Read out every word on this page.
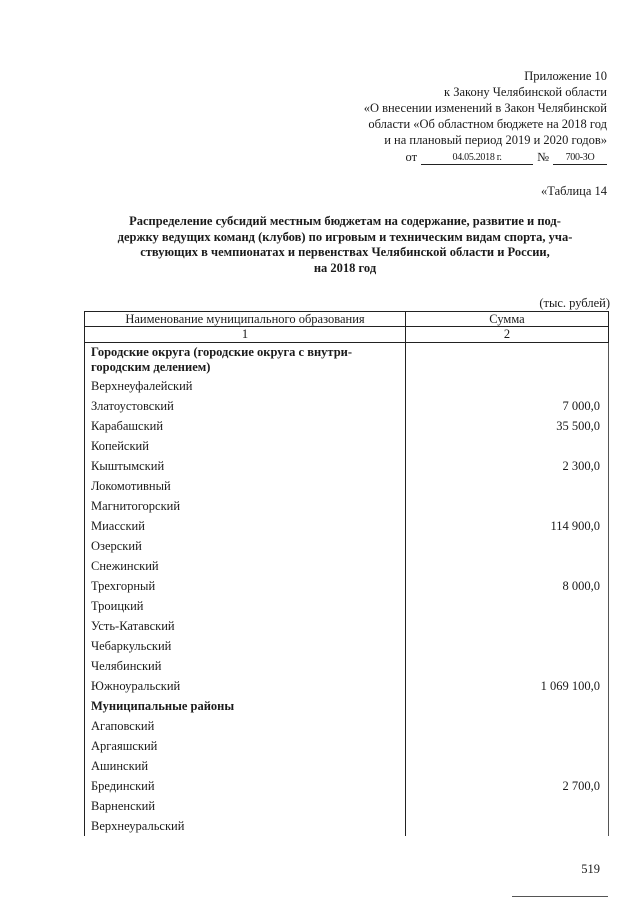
Приложение 10
к Закону Челябинской области
«О внесении изменений в Закон Челябинской
области «Об областном бюджете на 2018 год
и на плановый период 2019 и 2020 годов»
от	04.05.2018 г.	№	700-ЗО
«Таблица 14
Распределение субсидий местным бюджетам на содержание, развитие и под-
держку ведущих команд (клубов) по игровым и техническим видам спорта, уча-
ствующих в чемпионатах и первенствах Челябинской области и России,
на 2018 год
(тыс. рублей)
Наименование муниципального образования	Сумма
1	2
Городские округа (городские округа с внутри-
городским делением)	
Верхнеуфалейский	
Златоустовский	7 000,0
Карабашский	35 500,0
Копейский	
Кыштымский	2 300,0
Локомотивный	
Магнитогорский	
Миасский	114 900,0
Озерский	
Снежинский	
Трехгорный	8 000,0
Троицкий	
Усть-Катавский	
Чебаркульский	
Челябинский	
Южноуральский	1 069 100,0
Муниципальные районы	
Агаповский	
Аргаяшский	
Ашинский	
Брединский	2 700,0
Варненский	
Верхнеуральский	
519
